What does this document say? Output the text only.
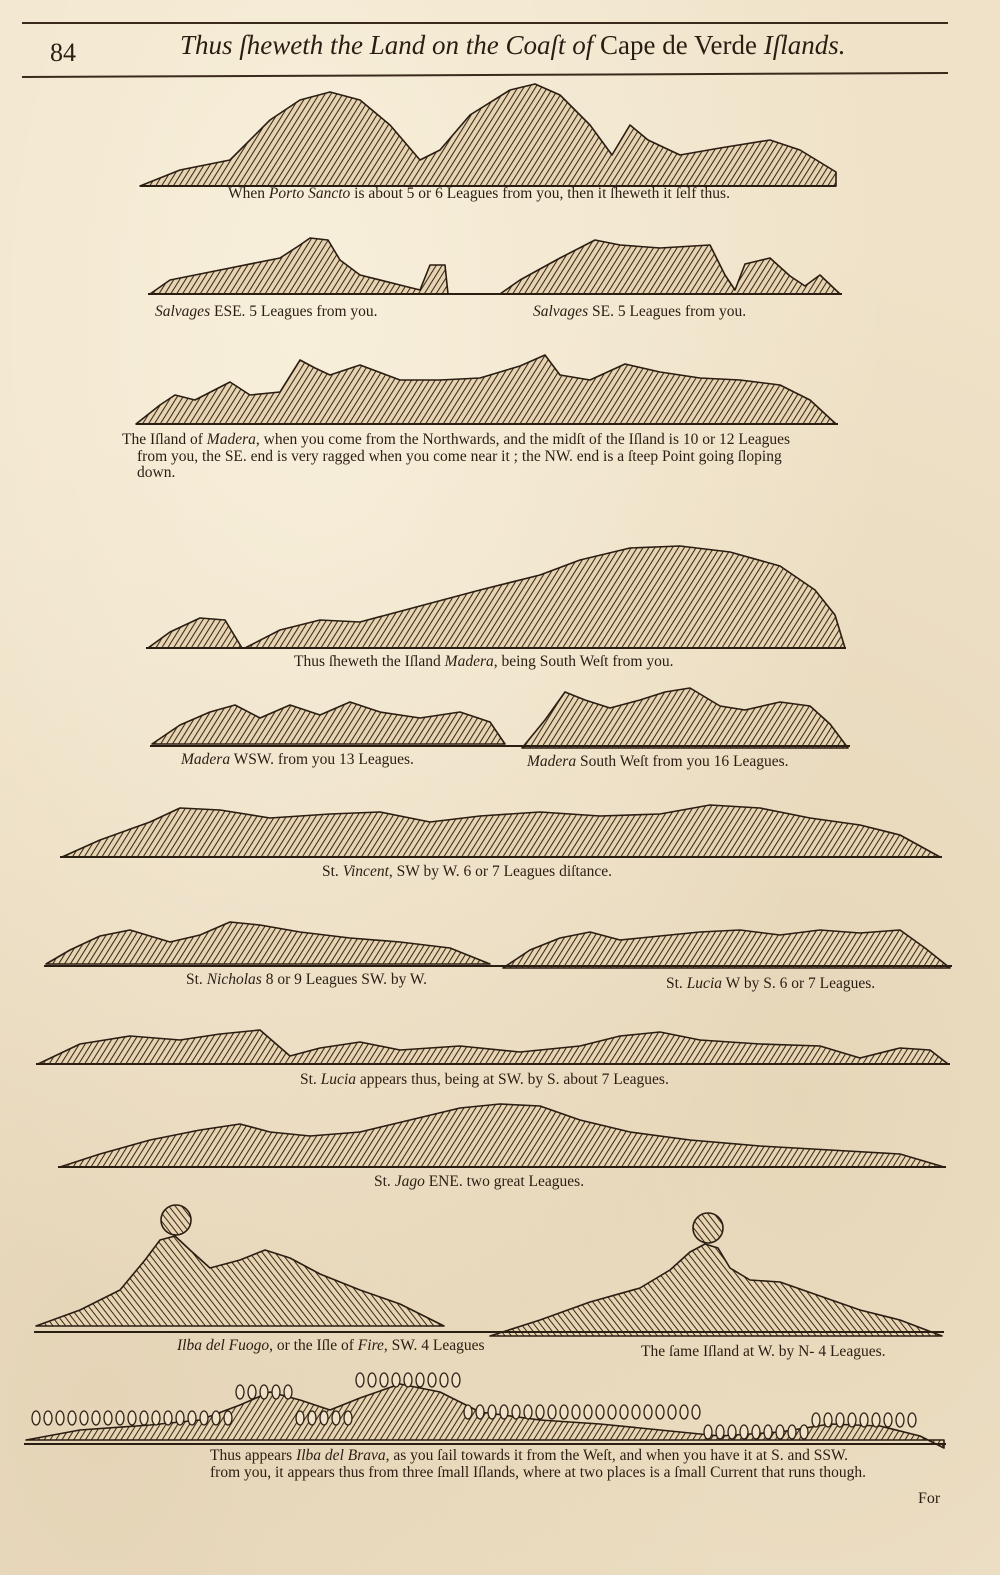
84	Thus ſheweth the Land on the Coaſt of Cape de Verde Iſlands.
When Porto Sancto is about 5 or 6 Leagues from you, then it ſheweth it ſelf thus.
Salvages ESE. 5 Leagues from you.	Salvages SE. 5 Leagues from you.
The Iſland of Madera, when you come from the Northwards, and the midſt of the Iſland is 10 or 12 Leagues
from you, the SE. end is very ragged when you come near it ; the NW. end is a ſteep Point going ſloping
down.
Thus ſheweth the Iſland Madera, being South Weſt from you.
Madera WSW. from you 13 Leagues.	Madera South Weſt from you 16 Leagues.
St. Vincent, SW by W. 6 or 7 Leagues diſtance.
St. Nicholas 8 or 9 Leagues SW. by W.	St. Lucia W by S. 6 or 7 Leagues.
St. Lucia appears thus, being at SW. by S. about 7 Leagues.
St. Jago ENE. two great Leagues.
Ilba del Fuogo, or the Iſle of Fire, SW. 4 Leagues	The ſame Iſland at W. by N- 4 Leagues.
Thus appears Ilba del Brava, as you ſail towards it from the Weſt, and when you have it at S. and SSW.
from you, it appears thus from three ſmall Iſlands, where at two places is a ſmall Current that runs though.
For
